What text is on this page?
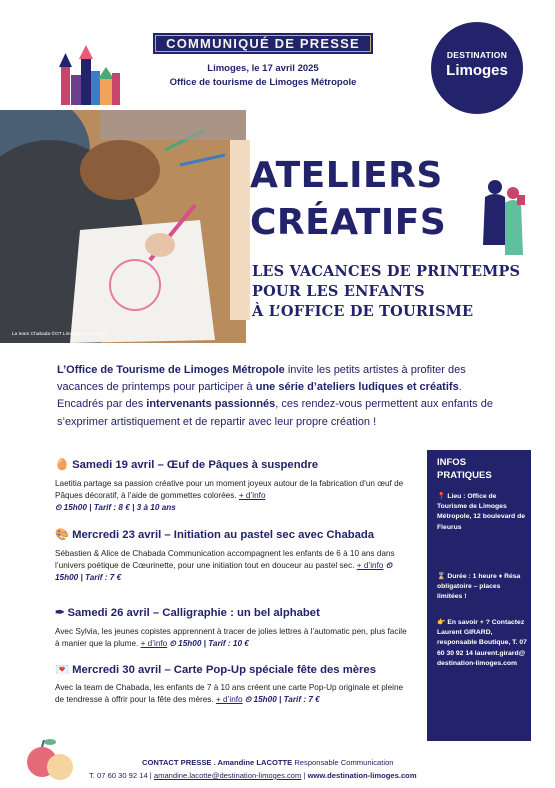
COMMUNIQUÉ DE PRESSE
Limoges, le 17 avril 2025
Office de tourisme de Limoges Métropole
DESTINATION
Limoges
La team Chabada ©OT Limoges Luna Midas
ATELIERS
CRÉATIFS
LES VACANCES DE PRINTEMPS
POUR LES ENFANTS
À L’OFFICE DE TOURISME
L’Office de Tourisme de Limoges Métropole invite les petits artistes à profiter des vacances de printemps pour participer à une série d’ateliers ludiques et créatifs. Encadrés par des intervenants passionnés, ces rendez-vous permettent aux enfants de s’exprimer artistiquement et de repartir avec leur propre création !
🥚 Samedi 19 avril – Œuf de Pâques à suspendre
Laetitia partage sa passion créative pour un moment joyeux autour de la fabrication d’un œuf de Pâques décoratif, à l’aide de gommettes colorées. + d’info
⏲ 15h00 | Tarif : 8 € | 3 à 10 ans
🎨 Mercredi 23 avril – Initiation au pastel sec avec Chabada
Sébastien & Alice de Chabada Communication accompagnent les enfants de 6 à 10 ans dans l’univers poétique de Cœurinette, pour une initiation tout en douceur au pastel sec. + d’info ⏲ 15h00 | Tarif : 7 €
✒ Samedi 26 avril – Calligraphie : un bel alphabet
Avec Sylvia, les jeunes copistes apprennent à tracer de jolies lettres à l’automatic pen, plus facile à manier que la plume. + d’info ⏲ 15h00 | Tarif : 10 €
💌 Mercredi 30 avril – Carte Pop-Up spéciale fête des mères
Avec la team de Chabada, les enfants de 7 à 10 ans créent une carte Pop-Up originale et pleine de tendresse à offrir pour la fête des mères. + d’info ⏲ 15h00 | Tarif : 7 €
INFOS
PRATIQUES
📍 Lieu : Office de Tourisme de Limoges Métropole, 12 boulevard de Fleurus
⌛ Durée : 1 heure ♦ Résa obligatoire – places limitées !
👉 En savoir + ? Contactez Laurent GIRARD, responsable Boutique, T. 07 60 30 92 14 laurent.girard@ destination-limoges.com
CONTACT PRESSE . Amandine LACOTTE Responsable Communication
T. 07 60 30 92 14 | amandine.lacotte@destination-limoges.com | www.destination-limoges.com
